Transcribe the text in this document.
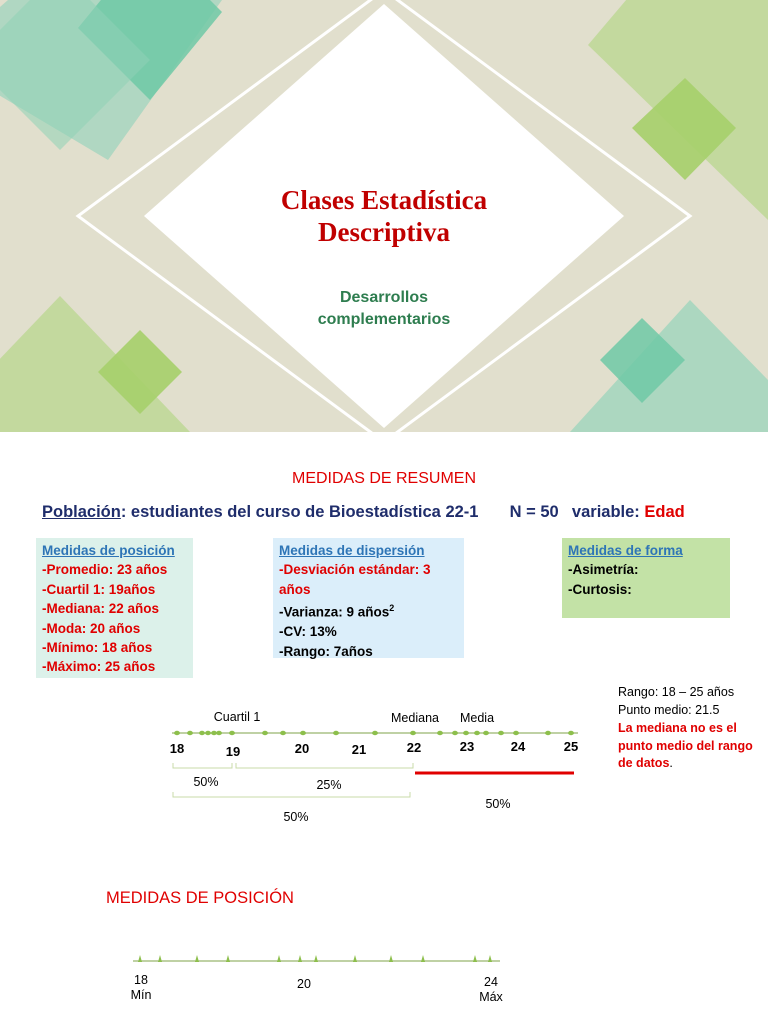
Clases Estadística
Descriptiva
Desarrollos
complementarios
MEDIDAS DE RESUMEN
Población: estudiantes del curso de Bioestadística 22-1 N = 50 variable: Edad
Medidas de posición
-Promedio: 23 años
-Cuartil 1: 19años
-Mediana: 22 años
-Moda: 20 años
-Mínimo: 18 años
-Máximo: 25 años
Medidas de dispersión
-Desviación estándar: 3
años
-Varianza: 9 años$^2$
-CV: 13%
-Rango: 7años
Medidas de forma
-Asimetría:
-Curtosis:
Rango: 18 – 25 años
Punto medio: 21.5
La mediana no es el punto medio del rango de datos.
Cuartil 1	Mediana Media
18	19	20	21	22	23	24	25
50%	25%
50%
50%
MEDIDAS DE POSICIÓN
18
Mín
20	24
Máx
